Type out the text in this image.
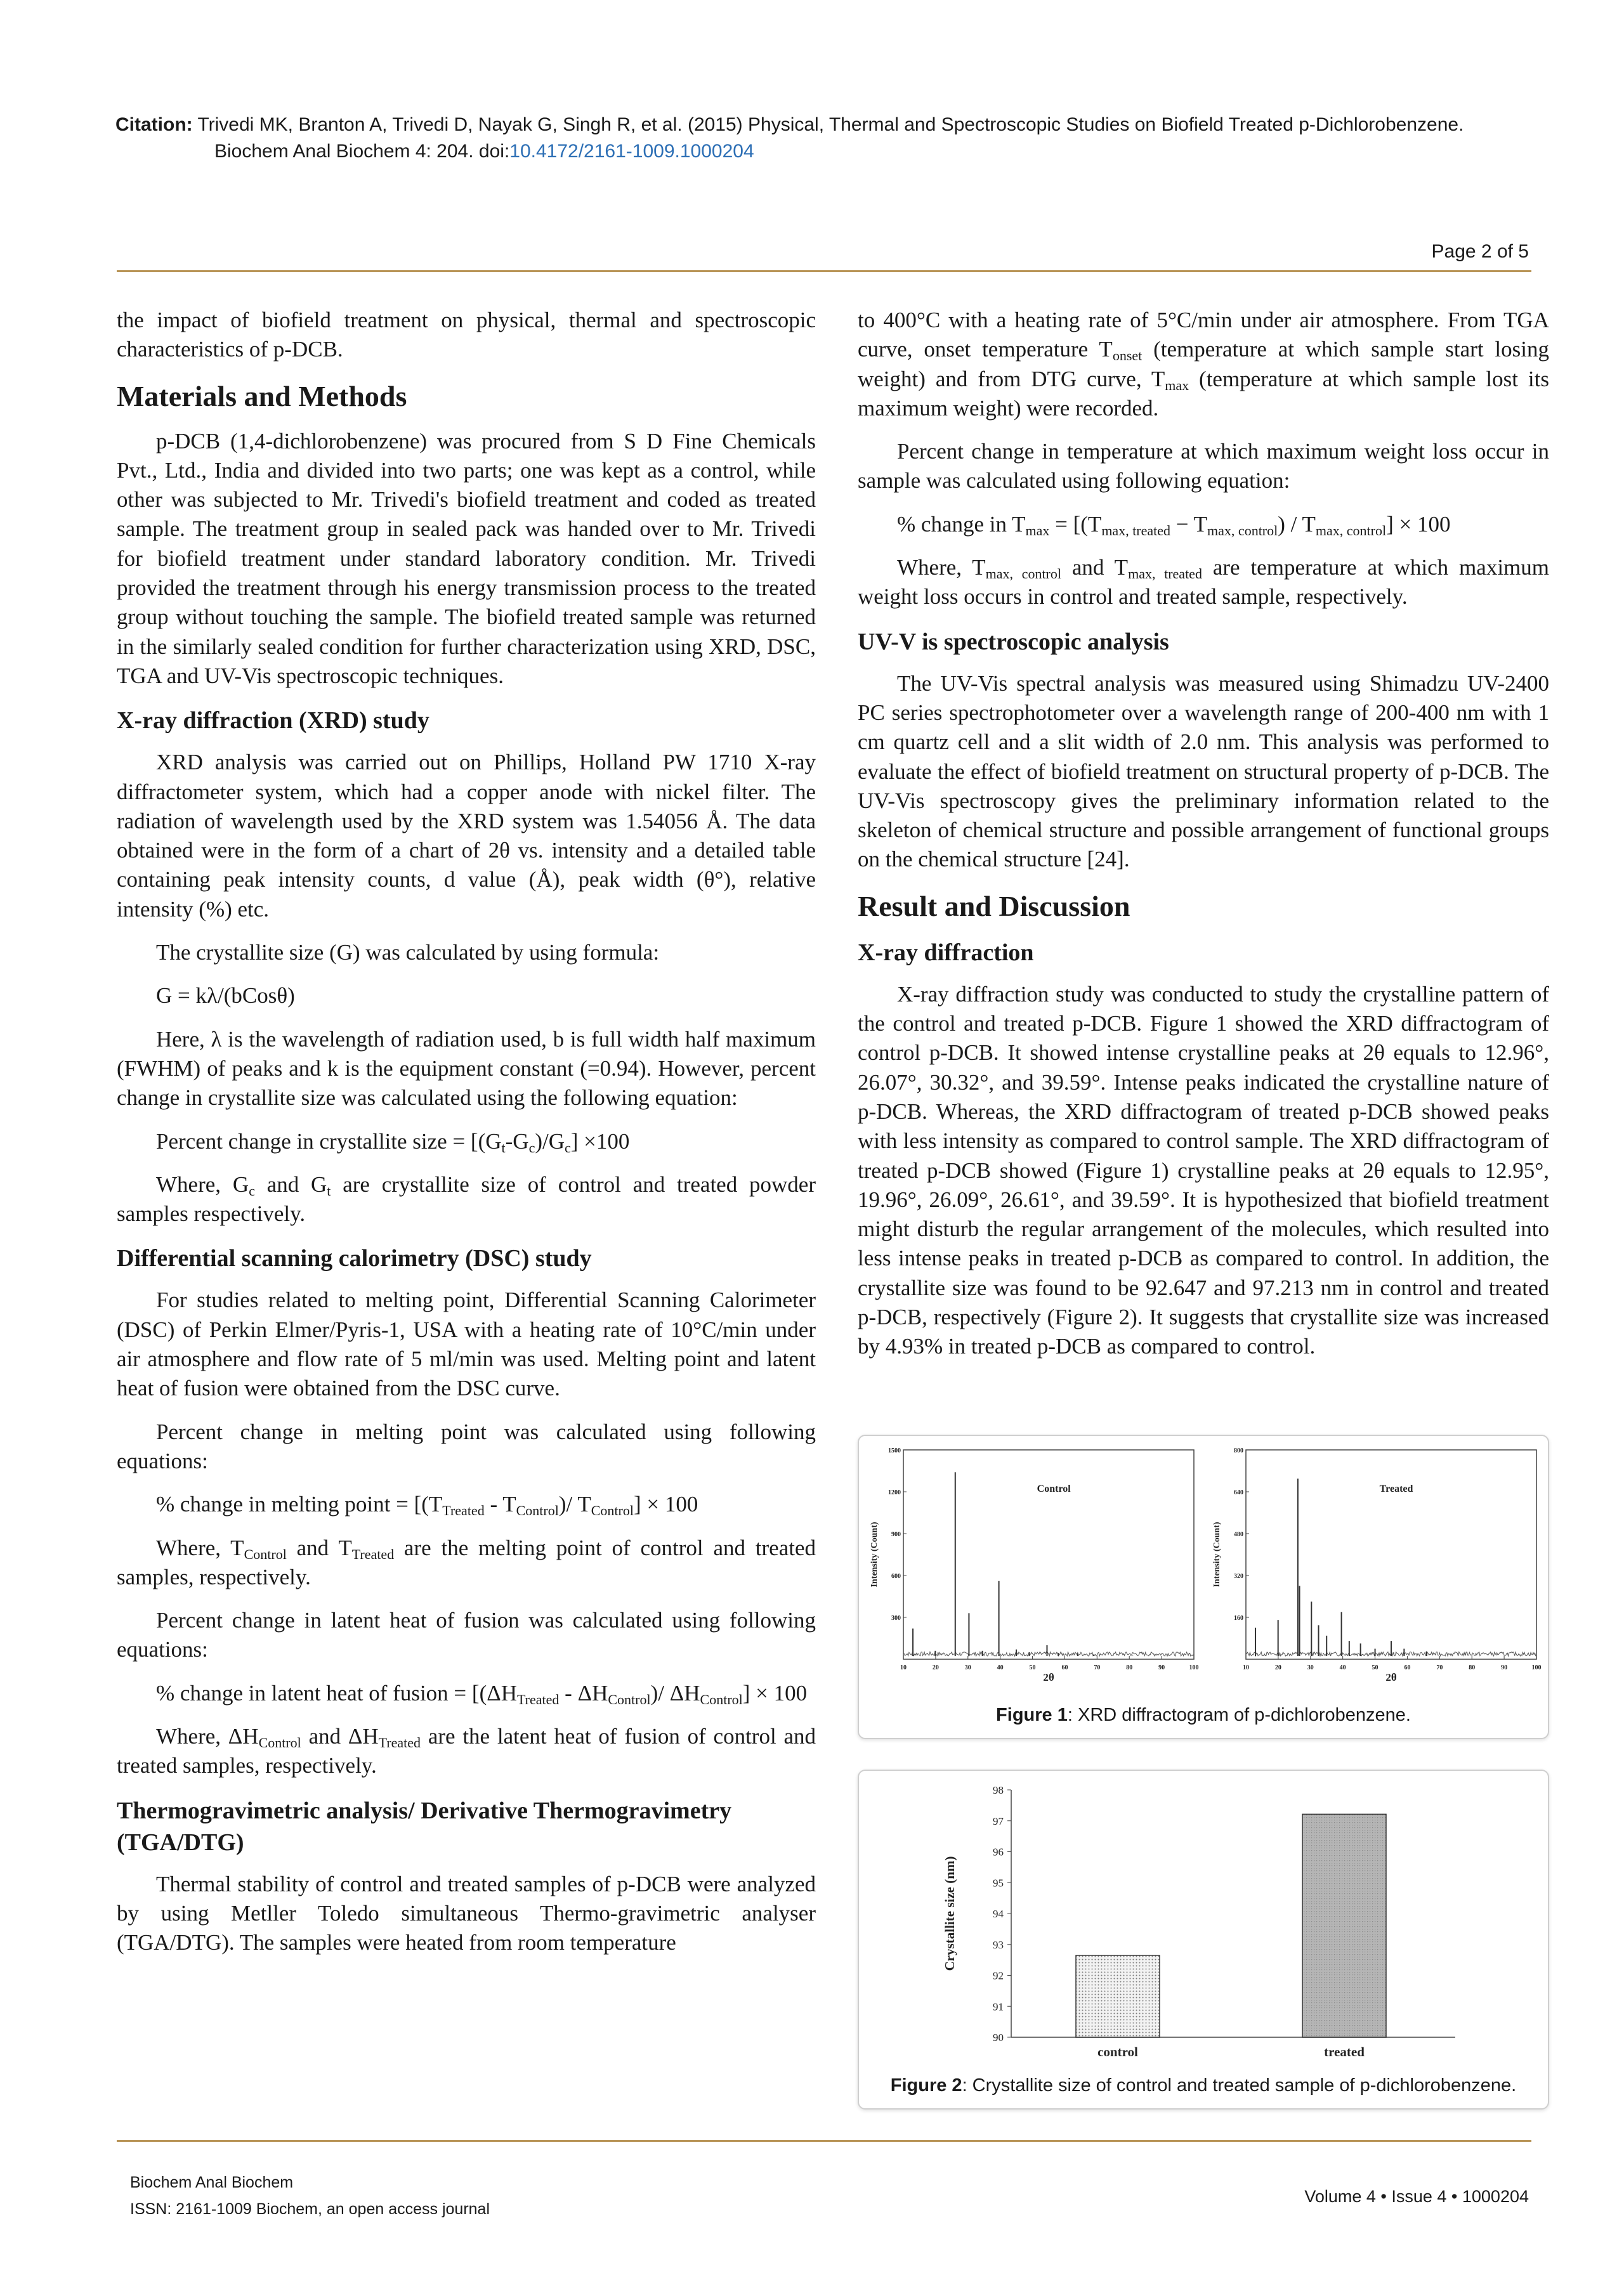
Citation: Trivedi MK, Branton A, Trivedi D, Nayak G, Singh R, et al. (2015) Physical, Thermal and Spectroscopic Studies on Biofield Treated p-Dichlorobenzene.
Biochem Anal Biochem 4: 204. doi:10.4172/2161-1009.1000204
Page 2 of 5

the impact of biofield treatment on physical, thermal and spectroscopic characteristics of p-DCB.

Materials and Methods

p-DCB (1,4-dichlorobenzene) was procured from S D Fine Chemicals Pvt., Ltd., India and divided into two parts; one was kept as a control, while other was subjected to Mr. Trivedi's biofield treatment and coded as treated sample. The treatment group in sealed pack was handed over to Mr. Trivedi for biofield treatment under standard laboratory condition. Mr. Trivedi provided the treatment through his energy transmission process to the treated group without touching the sample. The biofield treated sample was returned in the similarly sealed condition for further characterization using XRD, DSC, TGA and UV-Vis spectroscopic techniques.

X-ray diffraction (XRD) study

XRD analysis was carried out on Phillips, Holland PW 1710 X-ray diffractometer system, which had a copper anode with nickel filter. The radiation of wavelength used by the XRD system was 1.54056 Å. The data obtained were in the form of a chart of 2θ vs. intensity and a detailed table containing peak intensity counts, d value (Å), peak width (θ°), relative intensity (%) etc.

The crystallite size (G) was calculated by using formula:

G = kλ/(bCosθ)

Here, λ is the wavelength of radiation used, b is full width half maximum (FWHM) of peaks and k is the equipment constant (=0.94). However, percent change in crystallite size was calculated using the following equation:

Percent change in crystallite size = $[(G_t-G_c)/G_c] \times 100$

Where, $G_c$ and $G_t$ are crystallite size of control and treated powder samples respectively.

Differential scanning calorimetry (DSC) study

For studies related to melting point, Differential Scanning Calorimeter (DSC) of Perkin Elmer/Pyris-1, USA with a heating rate of 10°C/min under air atmosphere and flow rate of 5 ml/min was used. Melting point and latent heat of fusion were obtained from the DSC curve.

Percent change in melting point was calculated using following equations:

% change in melting point = [$(T_{Treated} - T_{Control})/$ $T_{Control}] \times 100$

Where, $T_{Control}$ and $T_{Treated}$ are the melting point of control and treated samples, respectively.

Percent change in latent heat of fusion was calculated using following equations:

% change in latent heat of fusion = [$(\Delta H_{Treated} - \Delta H_{Control})/$ $\Delta H_{Control}] \times 100$

Where, $\Delta H_{Control}$ and $\Delta H_{Treated}$ are the latent heat of fusion of control and treated samples, respectively.

Thermogravimetric analysis/ Derivative Thermogravimetry (TGA/DTG)

Thermal stability of control and treated samples of p-DCB were analyzed by using Metller Toledo simultaneous Thermo-gravimetric analyser (TGA/DTG). The samples were heated from room temperature

to 400°C with a heating rate of 5°C/min under air atmosphere. From TGA curve, onset temperature $T_{onset}$ (temperature at which sample start losing weight) and from DTG curve, $T_{max}$ (temperature at which sample lost its maximum weight) were recorded.

Percent change in temperature at which maximum weight loss occur in sample was calculated using following equation:

% change in $T_{max} = [(T_{max, treated} - T_{max, control}) / T_{max, control}] \times 100$

Where, $T_{max, control}$ and $T_{max, treated}$ are temperature at which maximum weight loss occurs in control and treated sample, respectively.

UV-V is spectroscopic analysis

The UV-Vis spectral analysis was measured using Shimadzu UV-2400 PC series spectrophotometer over a wavelength range of 200-400 nm with 1 cm quartz cell and a slit width of 2.0 nm. This analysis was performed to evaluate the effect of biofield treatment on structural property of p-DCB. The UV-Vis spectroscopy gives the preliminary information related to the skeleton of chemical structure and possible arrangement of functional groups on the chemical structure [24].

Result and Discussion
X-ray diffraction

X-ray diffraction study was conducted to study the crystalline pattern of the control and treated p-DCB. Figure 1 showed the XRD diffractogram of control p-DCB. It showed intense crystalline peaks at 2θ equals to 12.96°, 26.07°, 30.32°, and 39.59°. Intense peaks indicated the crystalline nature of p-DCB. Whereas, the XRD diffractogram of treated p-DCB showed peaks with less intensity as compared to control sample. The XRD diffractogram of treated p-DCB showed (Figure 1) crystalline peaks at 2θ equals to 12.95°, 19.96°, 26.09°, 26.61°, and 39.59°. It is hypothesized that biofield treatment might disturb the regular arrangement of the molecules, which resulted into less intense peaks in treated p-DCB as compared to control. In addition, the crystallite size was found to be 92.647 and 97.213 nm in control and treated p-DCB, respectively (Figure 2). It suggests that crystallite size was increased by 4.93% in treated p-DCB as compared to control.

300
600
900
1200
1500
10	20	30	40	50	60	70	80	90	100
Control
2θ
Intensity (Count)
160
320
480
640
800
10	20	30	40	50	60	70	80	90	100
Treated
2θ
Intensity (Count)
Figure 1: XRD diffractogram of p-dichlorobenzene.
90
91
92
93
94
95
96
97
98
control	treated
Crystallite size (nm)
Figure 2: Crystallite size of control and treated sample of p-dichlorobenzene.
Biochem Anal Biochem
ISSN: 2161-1009 Biochem, an open access journal
Volume 4 • Issue 4 • 1000204
